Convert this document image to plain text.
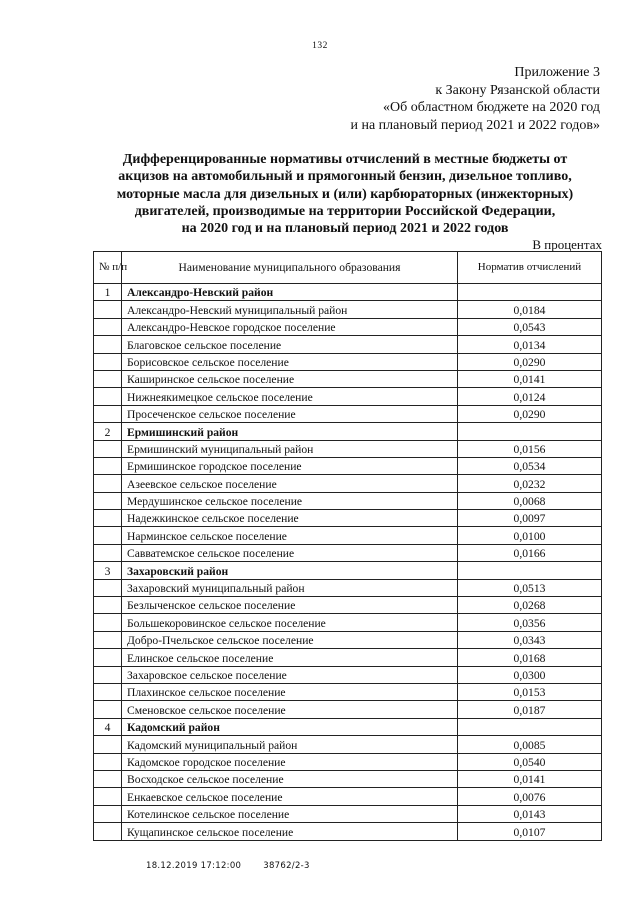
132
Приложение 3
к Закону Рязанской области
«Об областном бюджете на 2020 год
и на плановый период 2021 и 2022 годов»
Дифференцированные нормативы отчислений в местные бюджеты от
акцизов на автомобильный и прямогонный бензин, дизельное топливо,
моторные масла для дизельных и (или) карбюраторных (инжекторных)
двигателей, производимые на территории Российской Федерации,
на 2020 год и на плановый период 2021 и 2022 годов
В процентах
№ п/п	Наименование муниципального образования	Норматив отчислений
1	Александро-Невский район	
	Александро-Невский муниципальный район	0,0184
	Александро-Невское городское поселение	0,0543
	Благовское сельское поселение	0,0134
	Борисовское сельское поселение	0,0290
	Каширинское сельское поселение	0,0141
	Нижнеякимецкое сельское поселение	0,0124
	Просеченское сельское поселение	0,0290
2	Ермишинский район	
	Ермишинский муниципальный район	0,0156
	Ермишинское городское поселение	0,0534
	Азеевское сельское поселение	0,0232
	Мердушинское сельское поселение	0,0068
	Надежкинское сельское поселение	0,0097
	Нарминское сельское поселение	0,0100
	Савватемское сельское поселение	0,0166
3	Захаровский район	
	Захаровский муниципальный район	0,0513
	Безлыченское сельское поселение	0,0268
	Большекоровинское сельское поселение	0,0356
	Добро-Пчельское сельское поселение	0,0343
	Елинское сельское поселение	0,0168
	Захаровское сельское поселение	0,0300
	Плахинское сельское поселение	0,0153
	Сменовское сельское поселение	0,0187
4	Кадомский район	
	Кадомский муниципальный район	0,0085
	Кадомское городское поселение	0,0540
	Восходское сельское поселение	0,0141
	Енкаевское сельское поселение	0,0076
	Котелинское сельское поселение	0,0143
	Кущапинское сельское поселение	0,0107
18.12.2019 17:12:00	38762/2-3
